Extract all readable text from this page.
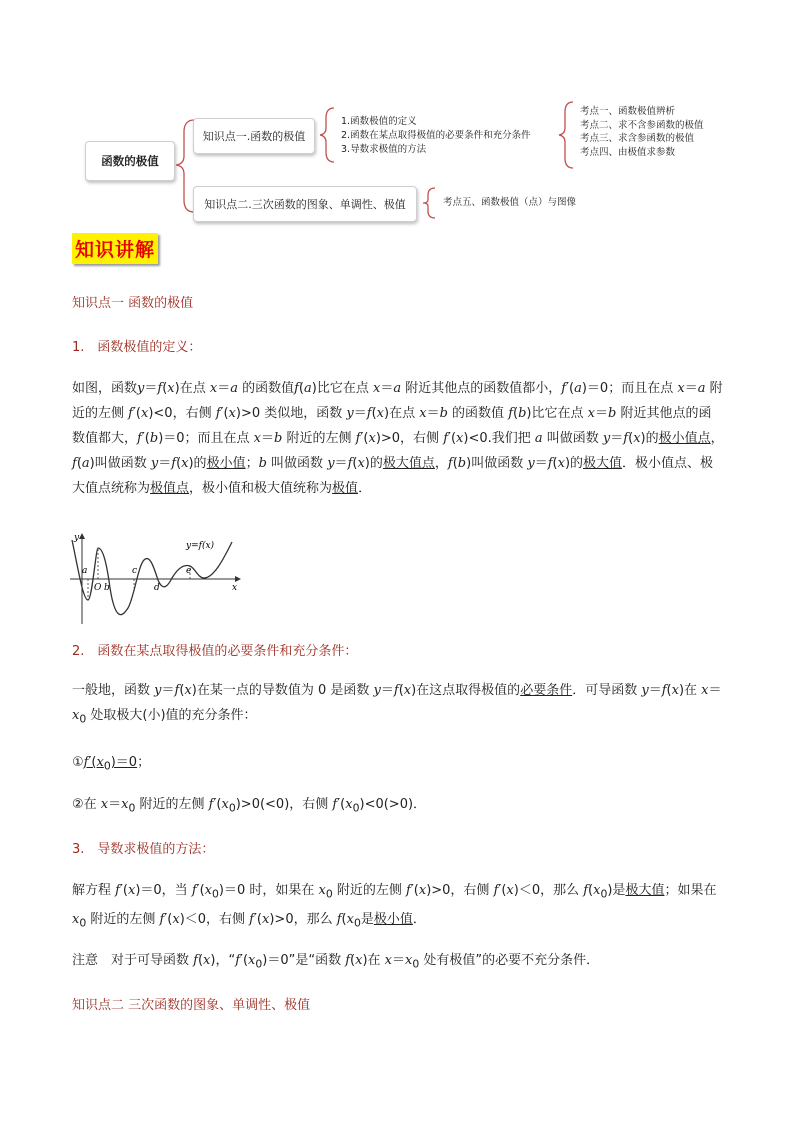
函数的极值
知识点一.函数的极值
知识点二.三次函数的图象、单调性、极值
1.函数极值的定义
2.函数在某点取得极值的必要条件和充分条件
3.导数求极值的方法
考点一、函数极值辨析
考点二、求不含参函数的极值
考点三、求含参函数的极值
考点四、由极值求参数
考点五、函数极值（点）与图像
知识讲解
知识点一 函数的极值
1.　函数极值的定义：
如图，函数y＝f(x)在点 x＝a 的函数值f(a)比它在点 x＝a 附近其他点的函数值都小，f′(a)＝0；而且在点 x＝a 附近的左侧 f′(x)<0，右侧 f′(x)>0 类似地，函数 y＝f(x)在点 x＝b 的函数值 f(b)比它在点 x＝b 附近其他点的函数值都大，f′(b)＝0；而且在点 x＝b 附近的左侧 f′(x)>0，右侧 f′(x)<0.我们把 a 叫做函数 y＝f(x)的极小值点，f(a)叫做函数 y＝f(x)的极小值；b 叫做函数 y＝f(x)的极大值点，f(b)叫做函数 y＝f(x)的极大值．极小值点、极大值点统称为极值点，极小值和极大值统称为极值．
y
x
y=f(x)
O
a
b
c
d
e
2.　函数在某点取得极值的必要条件和充分条件：
一般地，函数 y＝f(x)在某一点的导数值为 0 是函数 y＝f(x)在这点取得极值的必要条件．可导函数 y＝f(x)在 $x=x_0$ 处取极大(小)值的充分条件：
$①f'(x_0)=0$；
②在 $x=x_0$ 附近的左侧 $f'(x_0)>0(<0)$，右侧 $f'(x_0)<0(>0)$．
3.　导数求极值的方法：
解方程 f′(x)＝0，当 $f'(x_0)=0$ 时，如果在 $x_0$ 附近的左侧 f′(x)>0，右侧 f′(x)＜0，那么 $f(x_0)$是极大值；如果在 $x_0$ 附近的左侧 f′(x)＜0，右侧 f′(x)>0，那么 $f(x_0$是极小值．
注意　对于可导函数 f(x)，“$f'(x_0)=0$”是“函数 f(x)在 $x=x_0$ 处有极值”的必要不充分条件．
知识点二 三次函数的图象、单调性、极值
